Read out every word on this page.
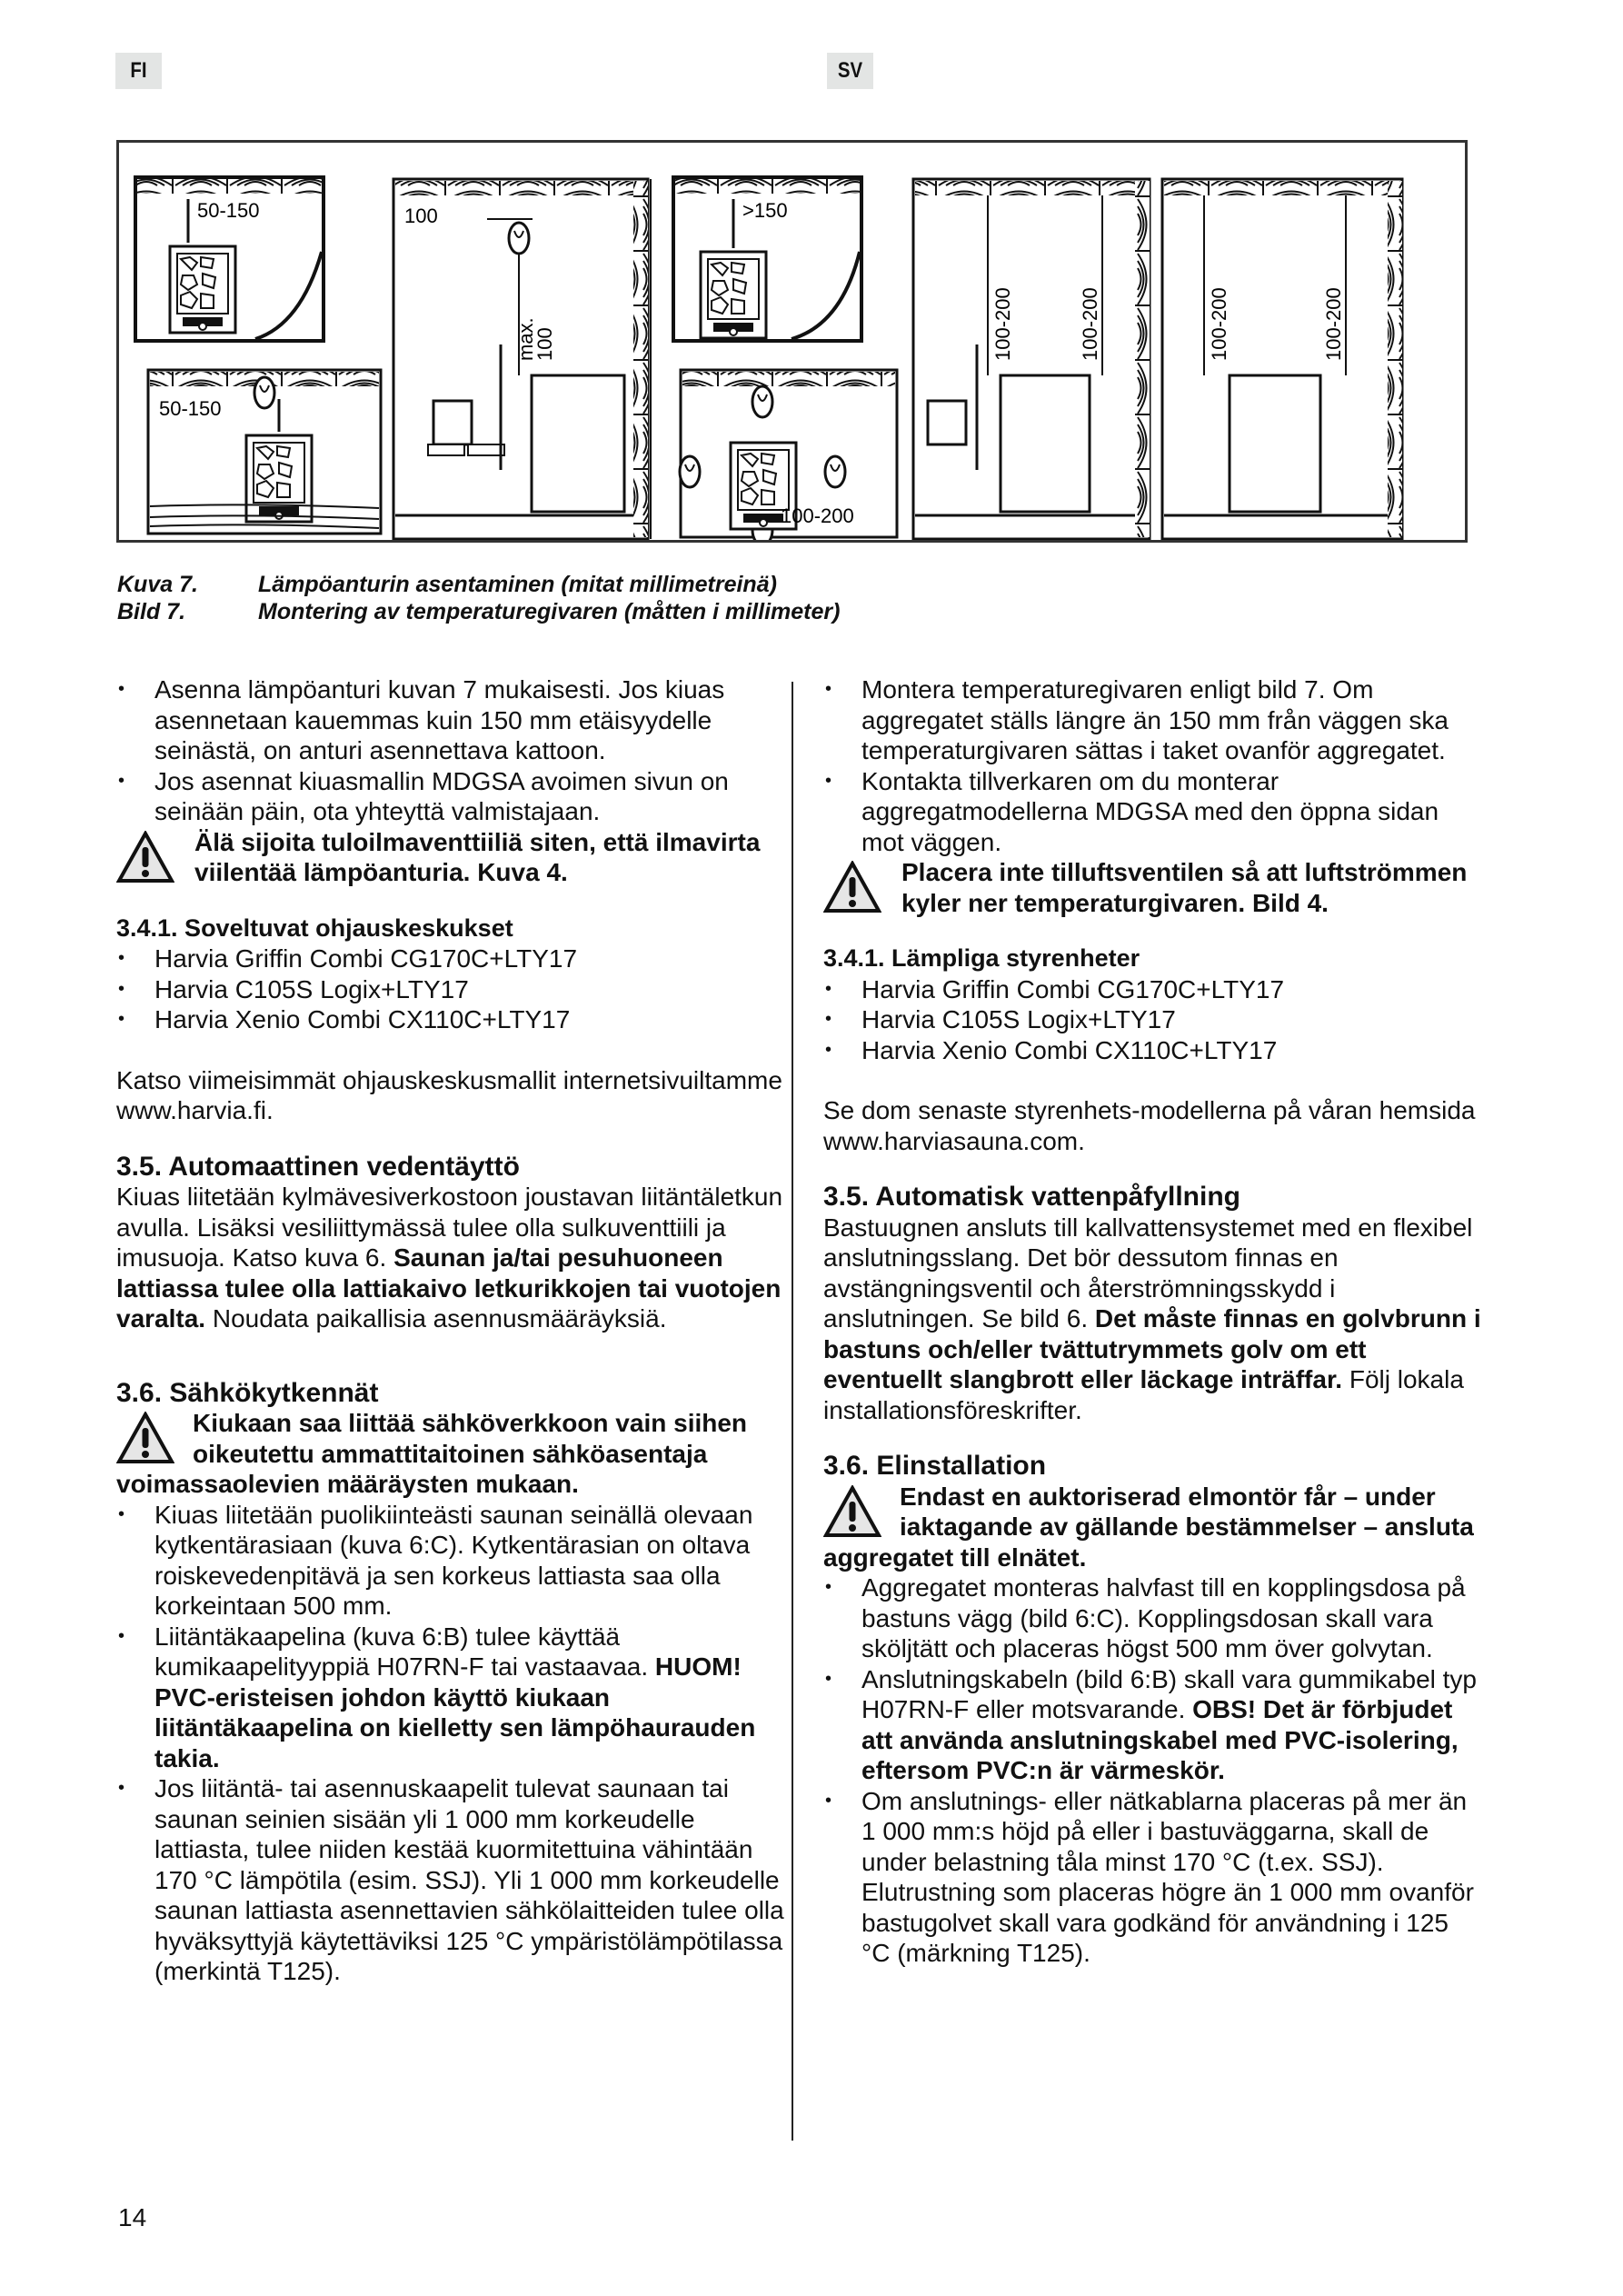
FI	SV
50-150
50-150
100
max.
100
>150
100-200
100-200	100-200	100-200	100-200
Kuva 7.	Lämpöanturin asentaminen (mitat millimetreinä)
Bild 7.	Montering av temperaturegivaren (måtten i millimeter)
• Asenna lämpöanturi kuvan 7 mukaisesti. Jos kiuas asennetaan kauemmas kuin 150 mm etäisyydelle seinästä, on anturi asennettava kattoon.
• Jos asennat kiuasmallin MDGSA avoimen sivun on seinään päin, ota yhteyttä valmistajaan.
Älä sijoita tuloilmaventtiiliä siten, että ilmavirta viilentää lämpöanturia. Kuva 4.

3.4.1. Soveltuvat ohjauskeskukset

• Harvia Griffin Combi CG170C+LTY17
• Harvia C105S Logix+LTY17
• Harvia Xenio Combi CX110C+LTY17

Katso viimeisimmät ohjauskeskusmallit internetsivuiltamme www.harvia.fi.

3.5. Automaattinen vedentäyttö

Kiuas liitetään kylmävesiverkostoon joustavan liitäntäletkun avulla. Lisäksi vesiliittymässä tulee olla sulkuventtiili ja imusuoja. Katso kuva 6. Saunan ja/tai pesuhuoneen lattiassa tulee olla lattiakaivo letkurikkojen tai vuotojen varalta. Noudata paikallisia asennusmääräyksiä.

3.6. Sähkökytkennät

Kiukaan saa liittää sähköverkkoon vain siihen oikeutettu ammattitaitoinen sähköasentaja voimassaolevien määräysten mukaan.
• Kiuas liitetään puolikiinteästi saunan seinällä olevaan kytkentärasiaan (kuva 6:C). Kytkentärasian on oltava roiskevedenpitävä ja sen korkeus lattiasta saa olla korkeintaan 500 mm.
• Liitäntäkaapelina (kuva 6:B) tulee käyttää kumikaapelityyppiä H07RN-F tai vastaavaa. HUOM! PVC-eristeisen johdon käyttö kiukaan liitäntäkaapelina on kielletty sen lämpöhaurauden takia.
• Jos liitäntä- tai asennuskaapelit tulevat saunaan tai saunan seinien sisään yli 1 000 mm korkeudelle lattiasta, tulee niiden kestää kuormitettuina vähintään 170 °C lämpötila (esim. SSJ). Yli 1 000 mm korkeudelle saunan lattiasta asennettavien sähkölaitteiden tulee olla hyväksyttyjä käytettäviksi 125 °C ympäristölämpötilassa (merkintä T125).
• Montera temperaturegivaren enligt bild 7. Om aggregatet ställs längre än 150 mm från väggen ska temperaturgivaren sättas i taket ovanför aggregatet.
• Kontakta tillverkaren om du monterar aggregatmodellerna MDGSA med den öppna sidan mot väggen.
Placera inte tilluftsventilen så att luftströmmen kyler ner temperaturgivaren. Bild 4.

3.4.1. Lämpliga styrenheter

• Harvia Griffin Combi CG170C+LTY17
• Harvia C105S Logix+LTY17
• Harvia Xenio Combi CX110C+LTY17

Se dom senaste styrenhets-modellerna på våran hemsida www.harviasauna.com.

3.5. Automatisk vattenpåfyllning

Bastuugnen ansluts till kallvattensystemet med en flexibel anslutningsslang. Det bör dessutom finnas en avstängningsventil och återströmningsskydd i anslutningen. Se bild 6. Det måste finnas en golvbrunn i bastuns och/eller tvättutrymmets golv om ett eventuellt slangbrott eller läckage inträffar. Följ lokala installationsföreskrifter.

3.6. Elinstallation

Endast en auktoriserad elmontör får – under iaktagande av gällande bestämmelser – ansluta aggregatet till elnätet.
• Aggregatet monteras halvfast till en kopplingsdosa på bastuns vägg (bild 6:C). Kopplingsdosan skall vara sköljtätt och placeras högst 500 mm över golvytan.
• Anslutningskabeln (bild 6:B) skall vara gummikabel typ H07RN-F eller motsvarande. OBS! Det är förbjudet att använda anslutningskabel med PVC-isolering, eftersom PVC:n är värmeskör.
• Om anslutnings- eller nätkablarna placeras på mer än 1 000 mm:s höjd på eller i bastuväggarna, skall de under belastning tåla minst 170 °C (t.ex. SSJ). Elutrustning som placeras högre än 1 000 mm ovanför bastugolvet skall vara godkänd för användning i 125 °C (märkning T125).
14
